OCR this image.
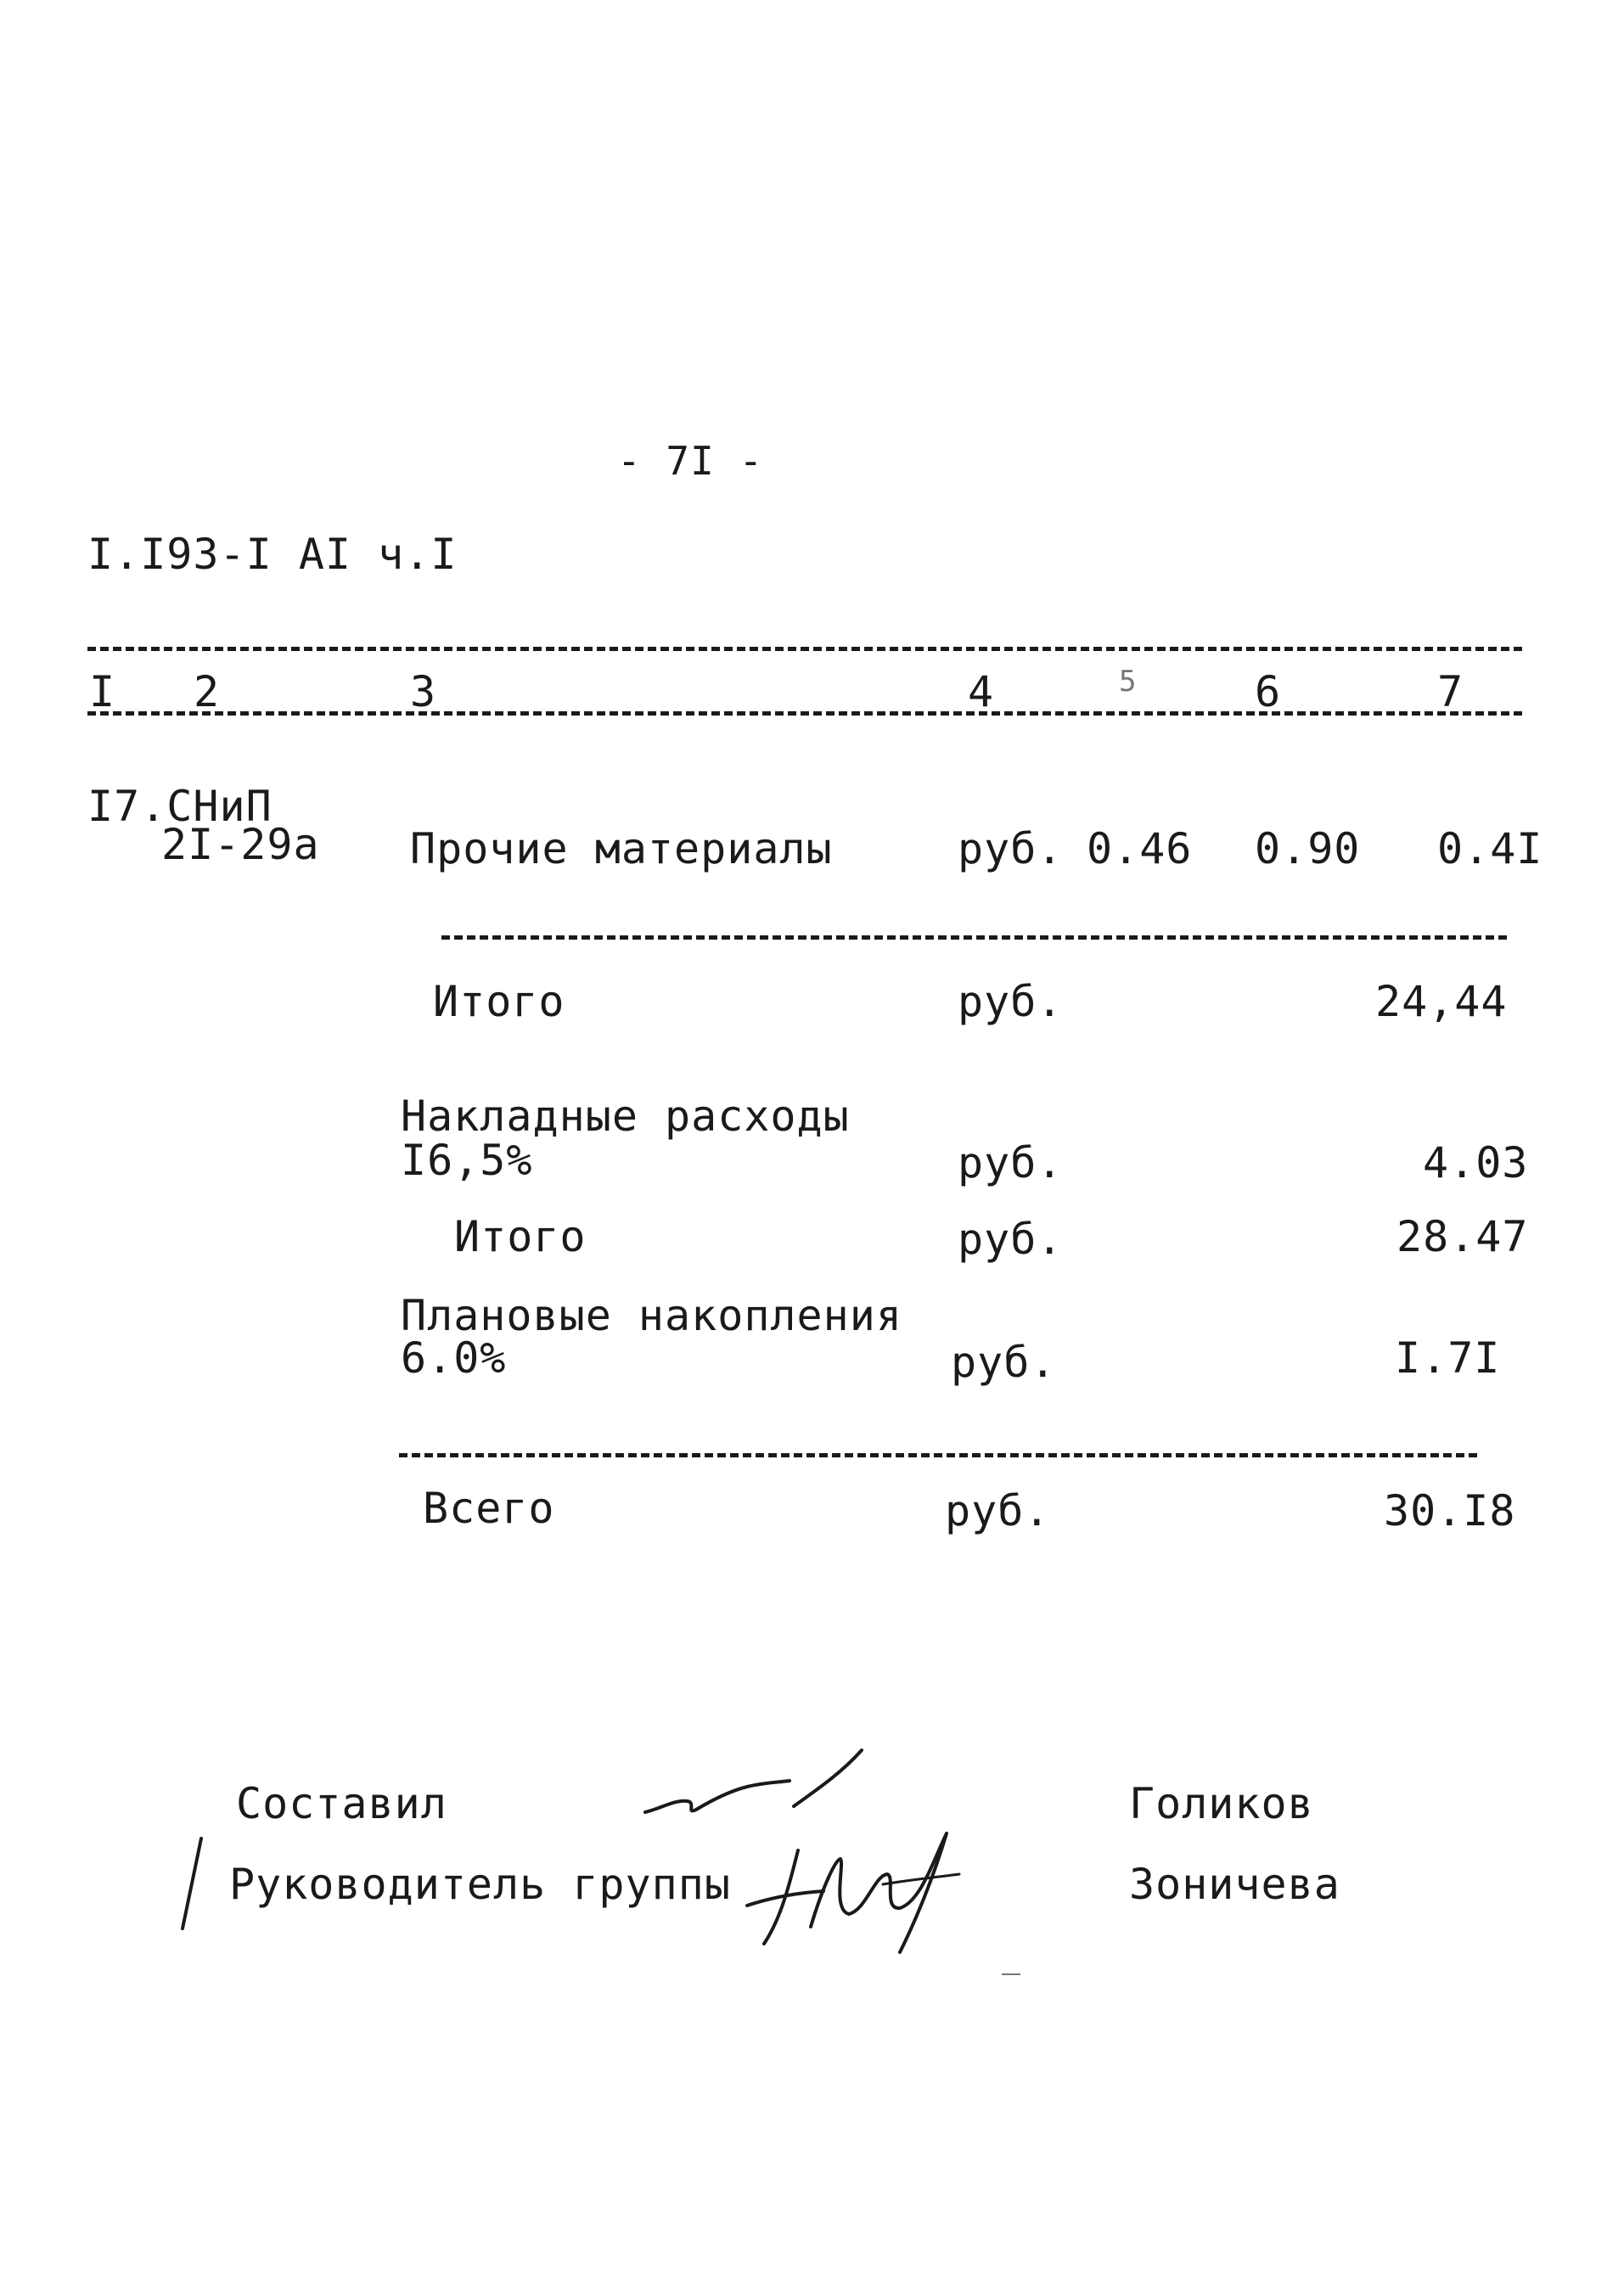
- 7I -
I.I93-I AI ч.I
I 2	3	4	5	6	7
I7.СНиП
2I-29а Прочие материалы	руб. 0.46 0.90 0.4I
Итого	руб.	24,44
Накладные расходы
I6,5%	руб.	4.03
Итого	руб.	28.47
Плановые накопления
6.0%	руб.	I.7I
Всего	руб.	30.I8
Составил	Голиков
Руководитель группы	Зоничева
